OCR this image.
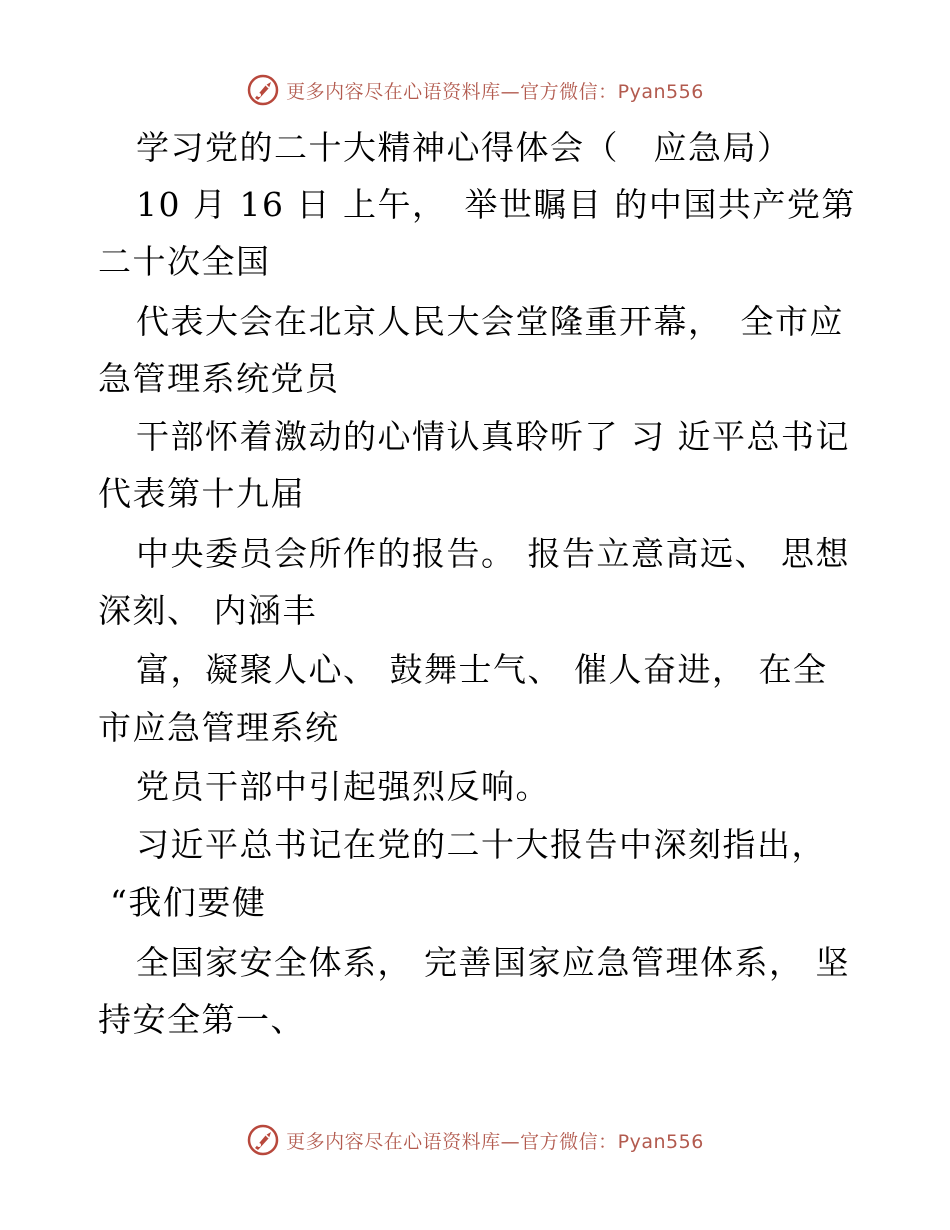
更多内容尽在心语资料库—官方微信：Pyan556
学习党的二十大精神心得体会（　应急局）
10 月 16 日 上午，　举世瞩目 的中国共产党第
二十次全国
代表大会在北京人民大会堂隆重开幕，　全市应
急管理系统党员
干部怀着激动的心情认真聆听了 习 近平总书记
代表第十九届
中央委员会所作的报告。 报告立意高远、 思想
深刻、 内涵丰
富，凝聚人心、 鼓舞士气、 催人奋进， 在全
市应急管理系统
党员干部中引起强烈反响。
习近平总书记在党的二十大报告中深刻指出，
“我们要健
全国家安全体系， 完善国家应急管理体系， 坚
持安全第一、
更多内容尽在心语资料库—官方微信：Pyan556
